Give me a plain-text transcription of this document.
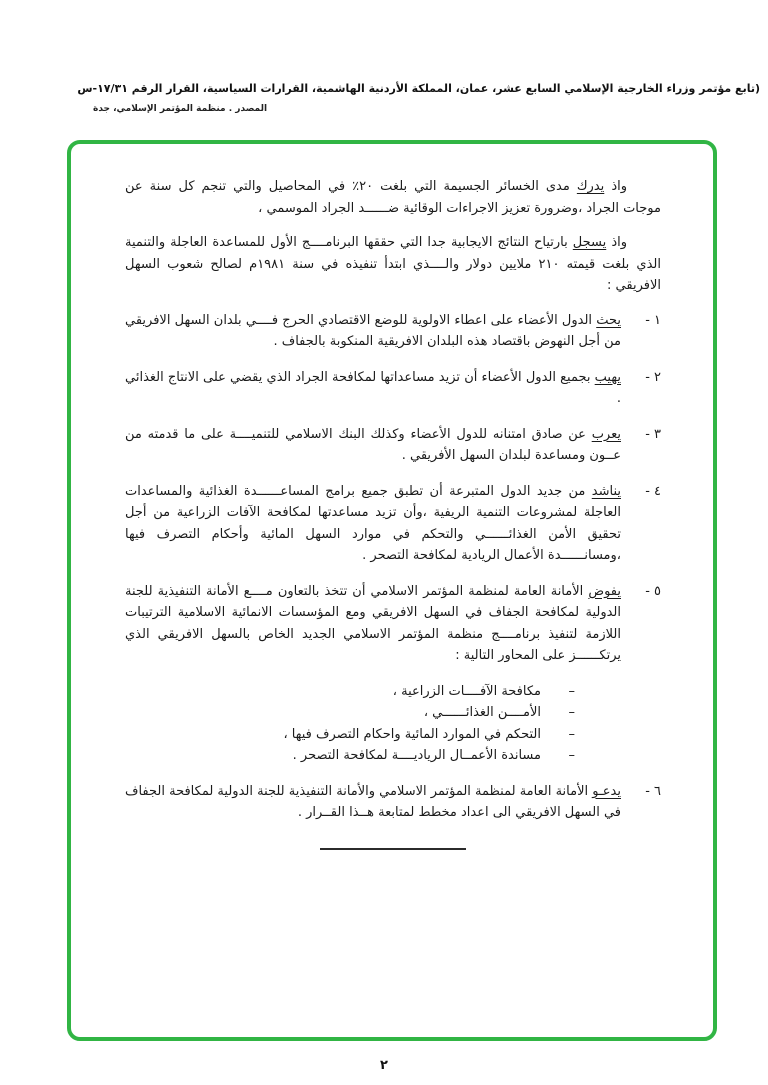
(تابع مؤتمر وزراء الخارجية الإسلامي السابع عشر، عمان، المملكة الأردنية الهاشمية، القرارات السياسية، القرار الرقم ١٧/٣١-س
المصدر . منظمة المؤتمر الإسلامي، جدة

واذ يدرك مدى الخسائر الجسيمة التي بلغت ٢٠٪ في المحاصيل والتي تنجم كل سنة عن موجات الجراد ،وضرورة تعزيز الاجراءات الوقائية ضــــــد الجراد الموسمي ،

واذ يسجل بارتياح النتائج الايجابية جدا التي حققها البرنامــــج الأول للمساعدة العاجلة والتنمية الذي بلغت قيمته ٢١٠ ملايين دولار والــــذي ابتدأ تنفيذه في سنة ١٩٨١م لصالح شعوب السهل الافريقي :

١ -

يحث الدول الأعضاء على اعطاء الاولوية للوضع الاقتصادي الحرج فــــي بلدان السهل الافريقي من أجل النهوض باقتصاد هذه البلدان الافريقية المنكوبة بالجفاف .

٢ -

يهيب بجميع الدول الأعضاء أن تزيد مساعداتها لمكافحة الجراد الذي يقضي على الانتاج الغذائي .

٣ -

يعرب عن صادق امتنانه للدول الأعضاء وكذلك البنك الاسلامي للتنميــــة على ما قدمته من عــون ومساعدة لبلدان السهل الأفريقي .

٤ -

يناشد من جديد الدول المتبرعة أن تطبق جميع برامج المساعــــــدة الغذائية والمساعدات العاجلة لمشروعات التنمية الريفية ،وأن تزيد مساعدتها لمكافحة الآفات الزراعية من أجل تحقيق الأمن الغذائــــــي والتحكم في موارد السهل المائية وأحكام التصرف فيها ،ومسانــــــدة الأعمال الريادية لمكافحة التصحر .

٥ -

يفوض الأمانة العامة لمنظمة المؤتمر الاسلامي أن تتخذ بالتعاون مــــع الأمانة التنفيذية للجنة الدولية لمكافحة الجفاف في السهل الافريقي ومع المؤسسات الانمائية الاسلامية الترتيبات اللازمة لتنفيذ برنامــــج منظمة المؤتمر الاسلامي الجديد الخاص بالسهل الافريقي الذي يرتكــــــز على المحاور التالية :

–
مكافحة الآفــــات الزراعية ،
–
الأمــــن الغذائــــــي ،
–
التحكم في الموارد المائية واحكام التصرف فيها ،
–
مساندة الأعمــال الرياديــــة لمكافحة التصحر .
٦ -

يدعـو الأمانة العامة لمنظمة المؤتمر الاسلامي والأمانة التنفيذية للجنة الدولية لمكافحة الجفاف في السهل الافريقي الى اعداد مخطط لمتابعة هــذا القــرار .

٢
